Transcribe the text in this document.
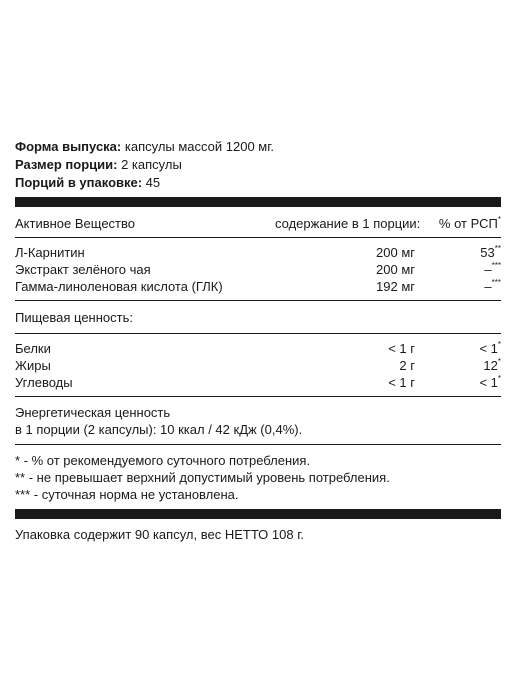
Форма выпуска: капсулы массой 1200 мг.
Размер порции: 2 капсулы
Порций в упаковке: 45
Активное Вещество	содержание в 1 порции:	% от РСП*
Л-Карнитин	200 мг	53**
Экстракт зелёного чая	200 мг	–***
Гамма-линоленовая кислота (ГЛК)	192 мг	–***
Пищевая ценность:
Белки	< 1 г	< 1*
Жиры	2 г	12*
Углеводы	< 1 г	< 1*
Энергетическая ценность
в 1 порции (2 капсулы): 10 ккал / 42 кДж (0,4%).
* - % от рекомендуемого суточного потребления.
** - не превышает верхний допустимый уровень потребления.
*** - суточная норма не установлена.
Упаковка содержит 90 капсул, вес НЕТТО 108 г.
